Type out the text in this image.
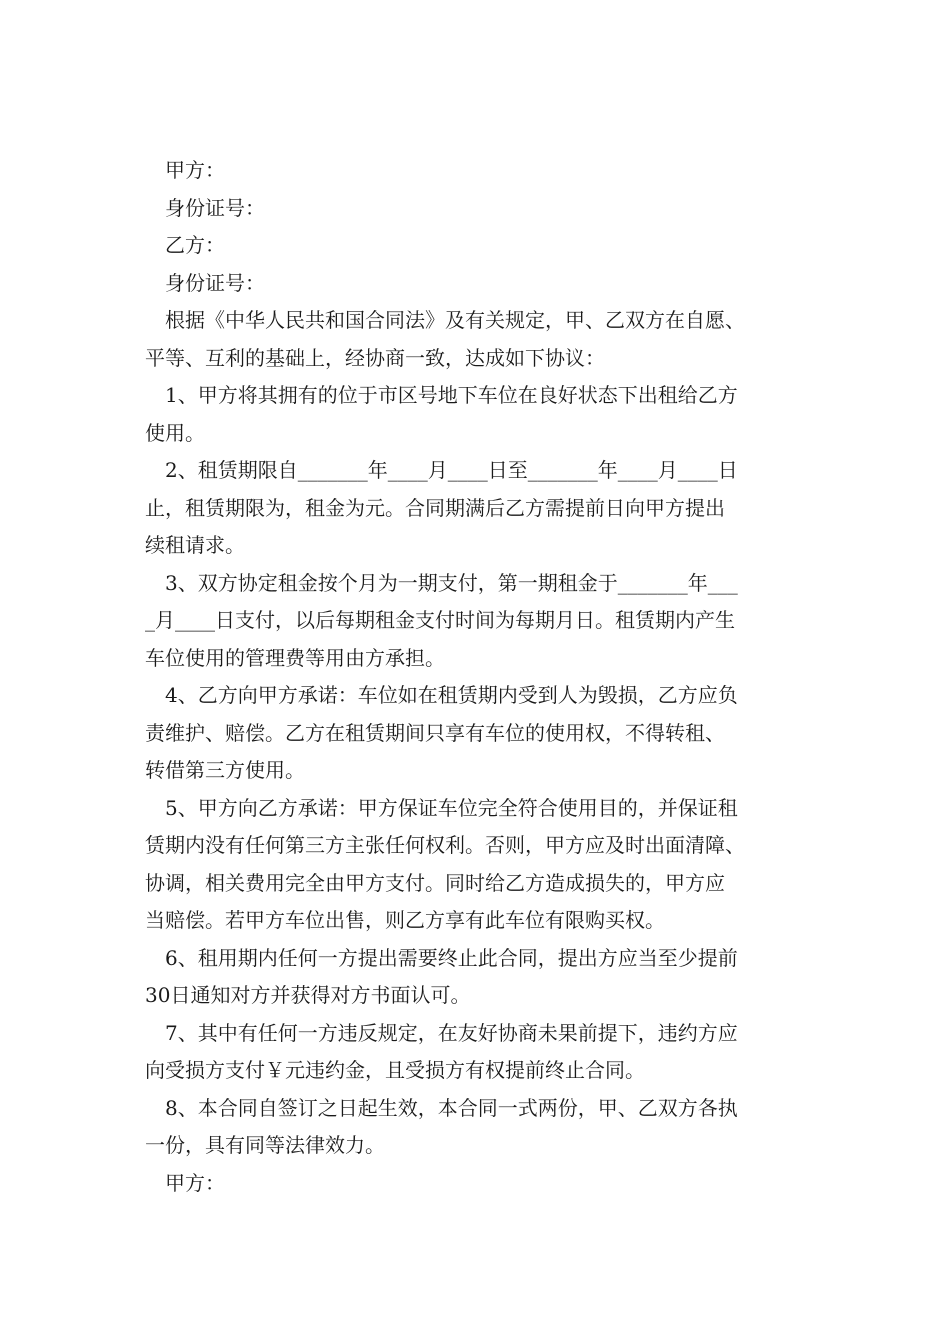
甲方：
身份证号：
乙方：
身份证号：
根据《中华人民共和国合同法》及有关规定，甲、乙双方在自愿、
平等、互利的基础上，经协商一致，达成如下协议：
1、甲方将其拥有的位于市区号地下车位在良好状态下出租给乙方
使用。
2、租赁期限自_______年____月____日至_______年____月____日
止，租赁期限为，租金为元。合同期满后乙方需提前日向甲方提出
续租请求。
3、双方协定租金按个月为一期支付，第一期租金于_______年___
_月____日支付，以后每期租金支付时间为每期月日。租赁期内产生
车位使用的管理费等用由方承担。
4、乙方向甲方承诺：车位如在租赁期内受到人为毁损，乙方应负
责维护、赔偿。乙方在租赁期间只享有车位的使用权，不得转租、
转借第三方使用。
5、甲方向乙方承诺：甲方保证车位完全符合使用目的，并保证租
赁期内没有任何第三方主张任何权利。否则，甲方应及时出面清障、
协调，相关费用完全由甲方支付。同时给乙方造成损失的，甲方应
当赔偿。若甲方车位出售，则乙方享有此车位有限购买权。
6、租用期内任何一方提出需要终止此合同，提出方应当至少提前
30日通知对方并获得对方书面认可。
7、其中有任何一方违反规定，在友好协商未果前提下，违约方应
向受损方支付￥元违约金，且受损方有权提前终止合同。
8、本合同自签订之日起生效，本合同一式两份，甲、乙双方各执
一份，具有同等法律效力。
甲方：
